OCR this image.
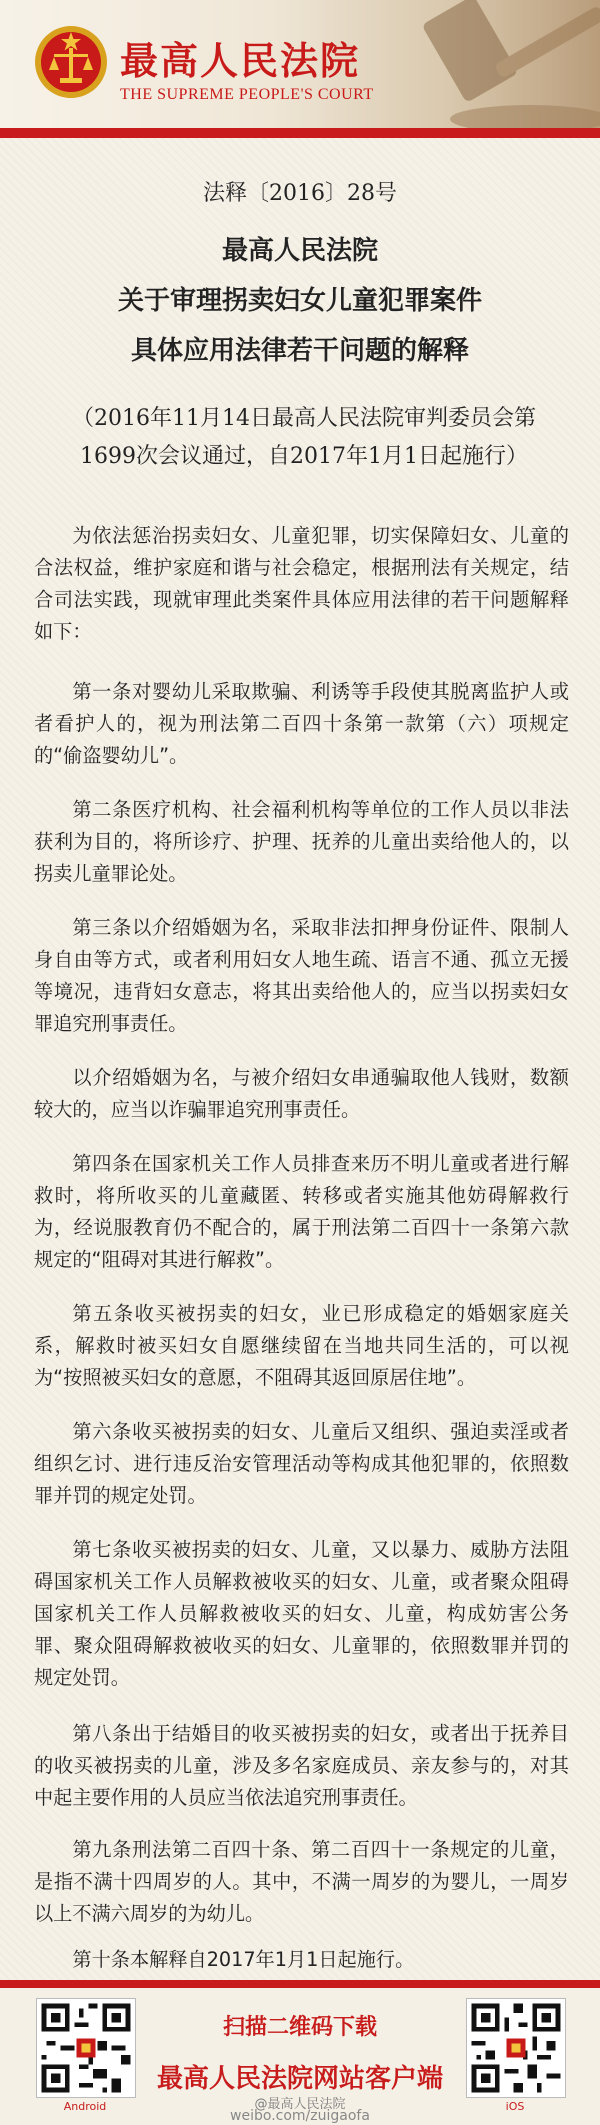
最高人民法院
THE SUPREME PEOPLE'S COURT
法释〔2016〕28号
最高人民法院
关于审理拐卖妇女儿童犯罪案件
具体应用法律若干问题的解释
（2016年11月14日最高人民法院审判委员会第
1699次会议通过，自2017年1月1日起施行）

为依法惩治拐卖妇女、儿童犯罪，切实保障妇女、儿童的合法权益，维护家庭和谐与社会稳定，根据刑法有关规定，结合司法实践，现就审理此类案件具体应用法律的若干问题解释如下：

第一条对婴幼儿采取欺骗、利诱等手段使其脱离监护人或者看护人的，视为刑法第二百四十条第一款第（六）项规定的“偷盗婴幼儿”。

第二条医疗机构、社会福利机构等单位的工作人员以非法获利为目的，将所诊疗、护理、抚养的儿童出卖给他人的，以拐卖儿童罪论处。

第三条以介绍婚姻为名，采取非法扣押身份证件、限制人身自由等方式，或者利用妇女人地生疏、语言不通、孤立无援等境况，违背妇女意志，将其出卖给他人的，应当以拐卖妇女罪追究刑事责任。

以介绍婚姻为名，与被介绍妇女串通骗取他人钱财，数额较大的，应当以诈骗罪追究刑事责任。

第四条在国家机关工作人员排查来历不明儿童或者进行解救时，将所收买的儿童藏匿、转移或者实施其他妨碍解救行为，经说服教育仍不配合的，属于刑法第二百四十一条第六款规定的“阻碍对其进行解救”。

第五条收买被拐卖的妇女，业已形成稳定的婚姻家庭关系，解救时被买妇女自愿继续留在当地共同生活的，可以视为“按照被买妇女的意愿，不阻碍其返回原居住地”。

第六条收买被拐卖的妇女、儿童后又组织、强迫卖淫或者组织乞讨、进行违反治安管理活动等构成其他犯罪的，依照数罪并罚的规定处罚。

第七条收买被拐卖的妇女、儿童，又以暴力、威胁方法阻碍国家机关工作人员解救被收买的妇女、儿童，或者聚众阻碍国家机关工作人员解救被收买的妇女、儿童，构成妨害公务罪、聚众阻碍解救被收买的妇女、儿童罪的，依照数罪并罚的规定处罚。

第八条出于结婚目的收买被拐卖的妇女，或者出于抚养目的收买被拐卖的儿童，涉及多名家庭成员、亲友参与的，对其中起主要作用的人员应当依法追究刑事责任。

第九条刑法第二百四十条、第二百四十一条规定的儿童，是指不满十四周岁的人。其中，不满一周岁的为婴儿，一周岁以上不满六周岁的为幼儿。

第十条本解释自2017年1月1日起施行。

Android
扫描二维码下载
最高人民法院网站客户端
iOS
@最高人民法院
weibo.com/zuigaofa
